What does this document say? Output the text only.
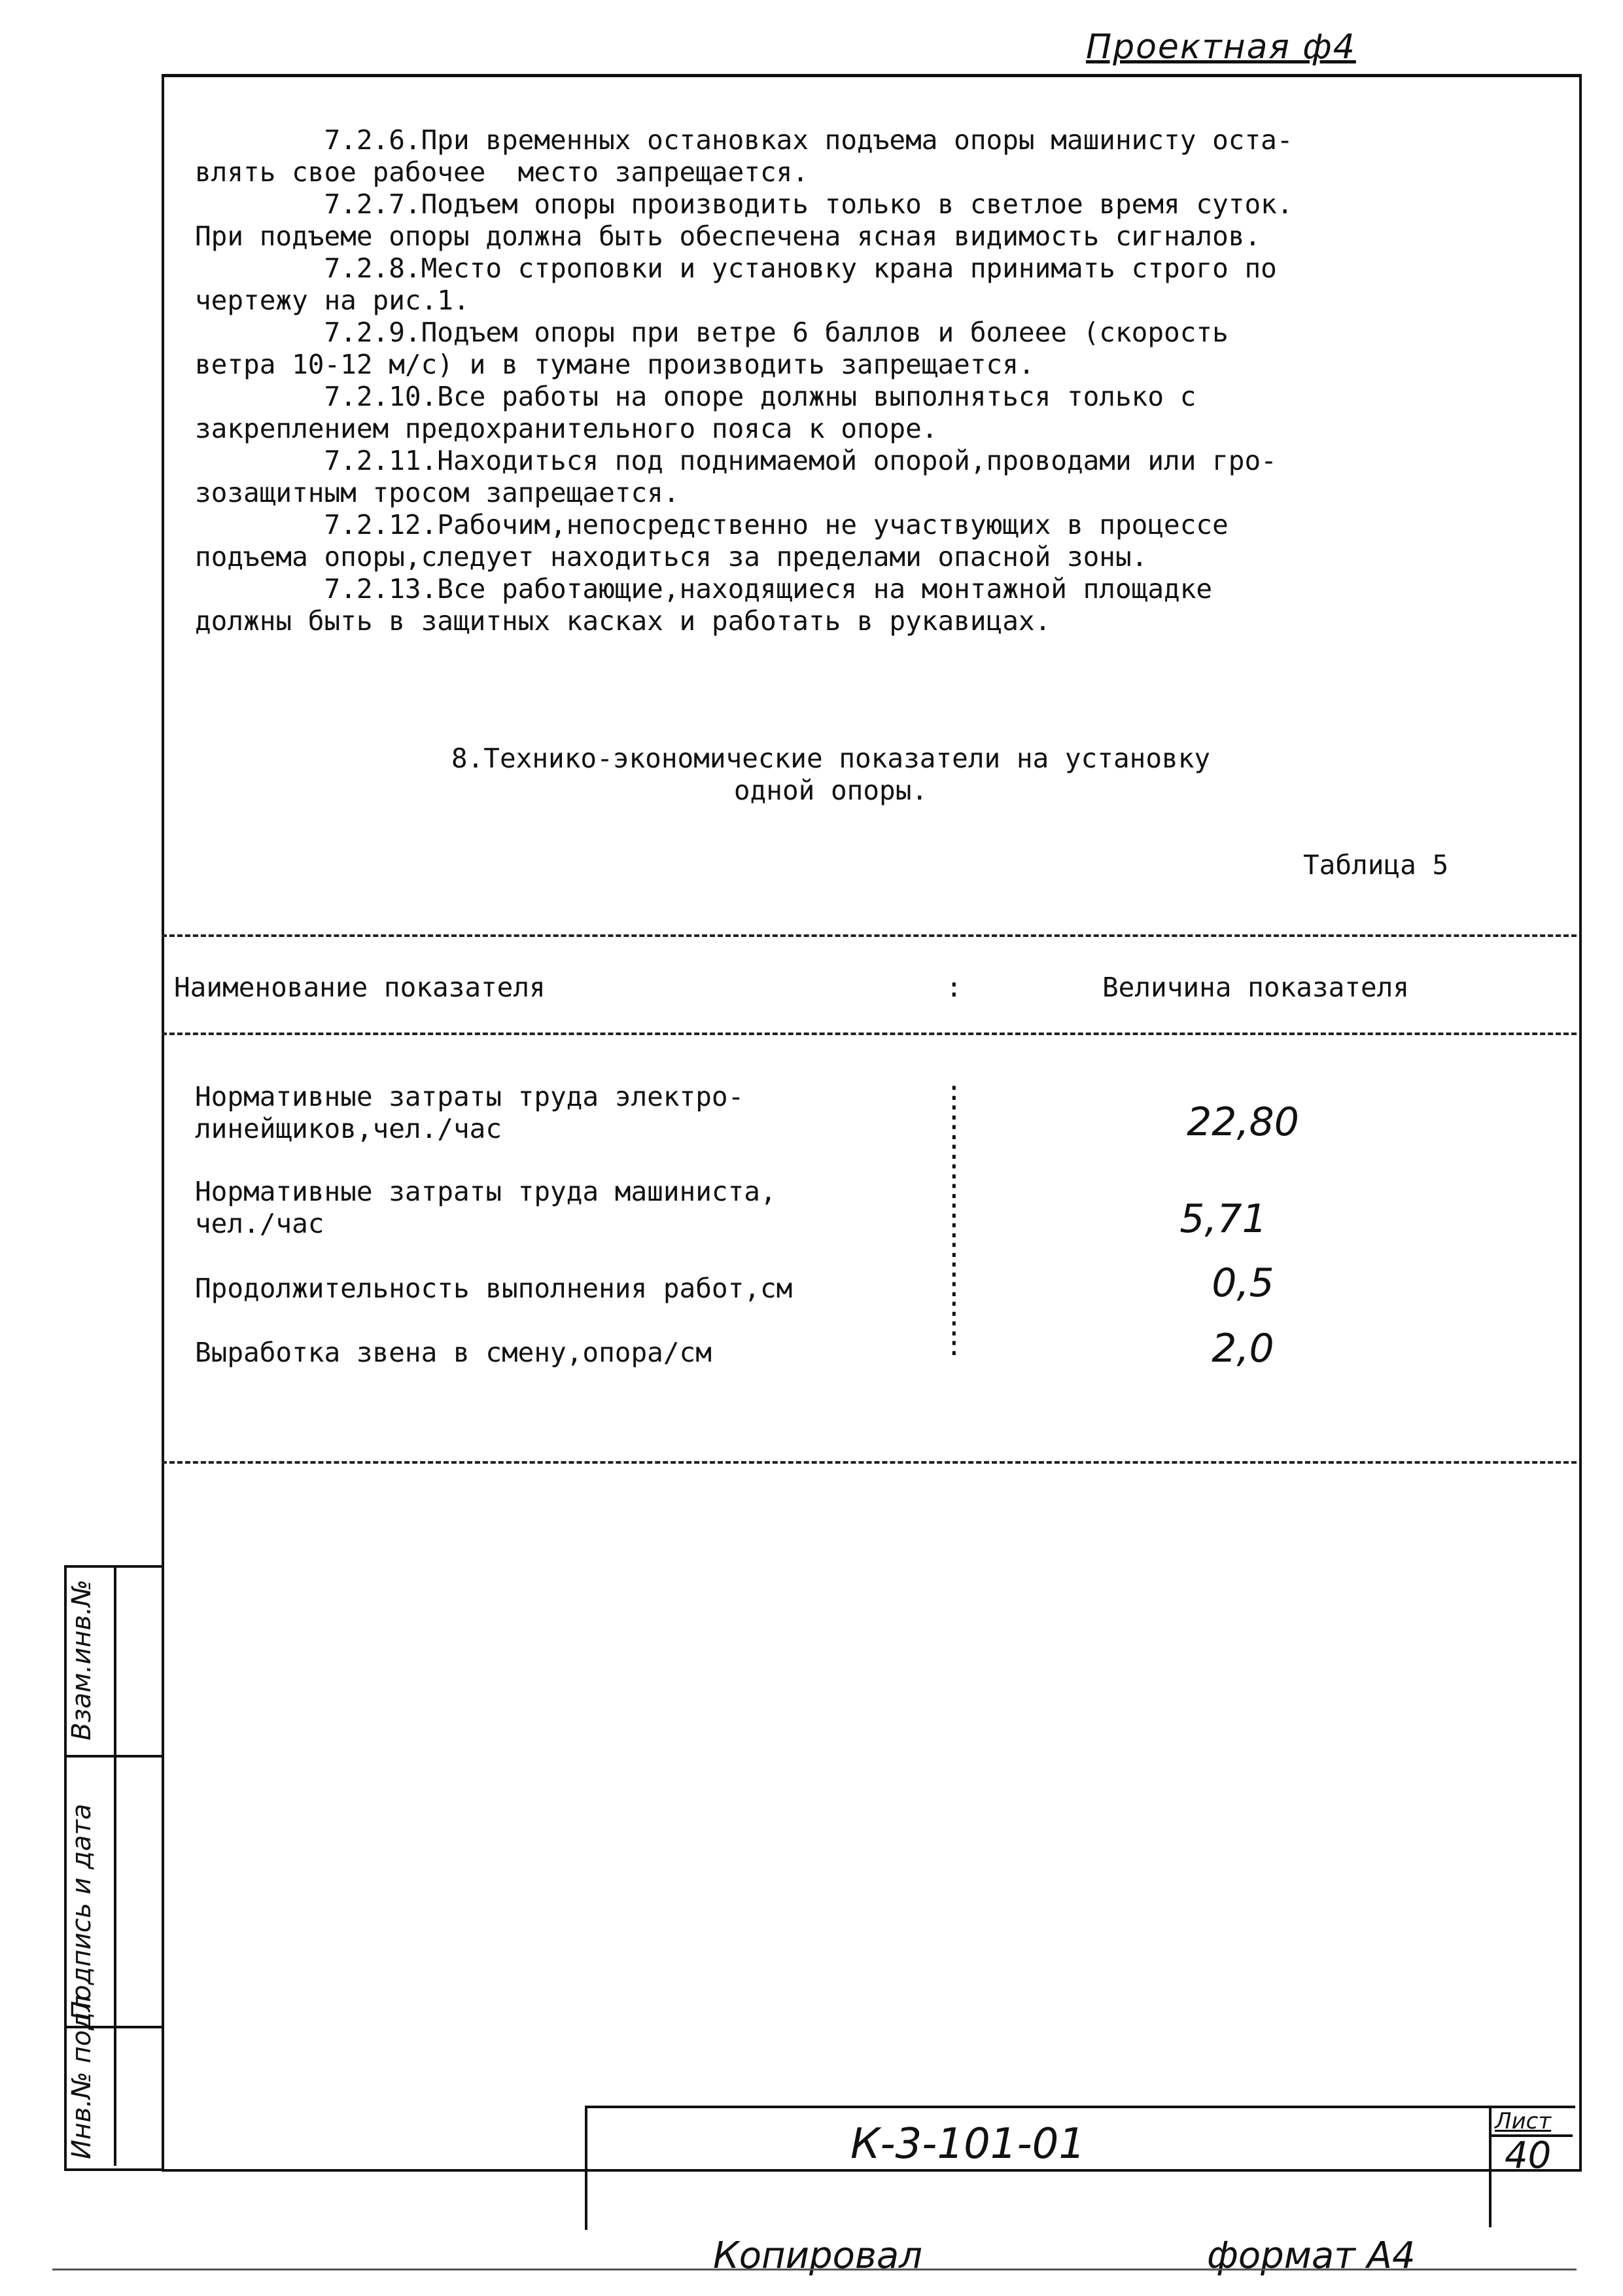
Проектная ф4
7.2.6.При временных остановках подъема опоры машинисту оста-
влять свое рабочее  место запрещается.
7.2.7.Подъем опоры производить только в светлое время суток.
При подъеме опоры должна быть обеспечена ясная видимость сигналов.
7.2.8.Место строповки и установку крана принимать строго по
чертежу на рис.1.
7.2.9.Подъем опоры при ветре 6 баллов и болеее (скорость
ветра 10-12 м/с) и в тумане производить запрещается.
7.2.10.Все работы на опоре должны выполняться только с
закреплением предохранительного пояса к опоре.
7.2.11.Находиться под поднимаемой опорой,проводами или гро-
зозащитным тросом запрещается.
7.2.12.Рабочим,непосредственно не участвующих в процессе
подъема опоры,следует находиться за пределами опасной зоны.
7.2.13.Все работающие,находящиеся на монтажной площадке
должны быть в защитных касках и работать в рукавицах.
8.Технико-экономические показатели на установку
одной опоры.
Таблица 5
Наименование показателя	:	Величина показателя
Нормативные затраты труда электро-
линейщиков,чел./час	22,80
Нормативные затраты труда машиниста,
чел./час	5,71
Продолжительность выполнения работ,см	0,5
Выработка звена в смену,опора/см	2,0
:
:
:
:
:
:
:
:
:
:
:
:
:
:
Взам.инв.№
Подпись и дата
Инв.№ подл	К-3-101-01	Лист
40
Копировал	формат А4
